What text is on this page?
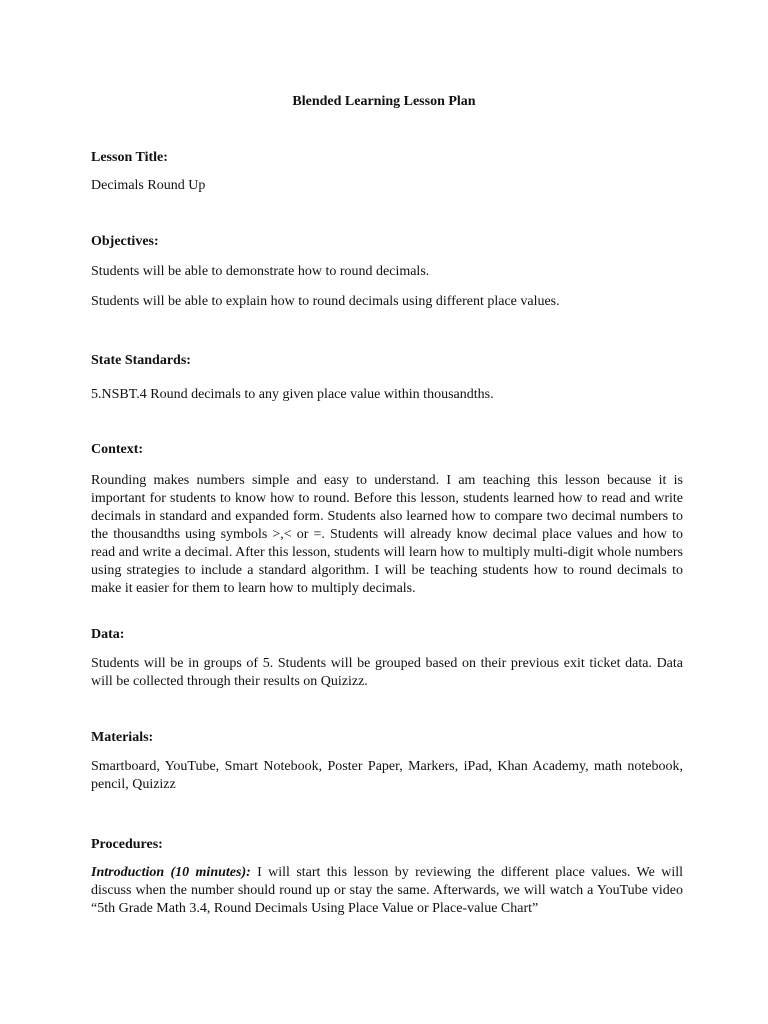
Blended Learning Lesson Plan
Lesson Title:
Decimals Round Up
Objectives:
Students will be able to demonstrate how to round decimals.
Students will be able to explain how to round decimals using different place values.
State Standards:
5.NSBT.4 Round decimals to any given place value within thousandths.
Context:
Rounding makes numbers simple and easy to understand. I am teaching this lesson because it is important for students to know how to round. Before this lesson, students learned how to read and write decimals in standard and expanded form. Students also learned how to compare two decimal numbers to the thousandths using symbols >,< or =. Students will already know decimal place values and how to read and write a decimal. After this lesson, students will learn how to multiply multi-digit whole numbers using strategies to include a standard algorithm. I will be teaching students how to round decimals to make it easier for them to learn how to multiply decimals.
Data:
Students will be in groups of 5. Students will be grouped based on their previous exit ticket data. Data will be collected through their results on Quizizz.
Materials:
Smartboard, YouTube, Smart Notebook, Poster Paper, Markers, iPad, Khan Academy, math notebook, pencil, Quizizz
Procedures:
Introduction (10 minutes): I will start this lesson by reviewing the different place values. We will discuss when the number should round up or stay the same. Afterwards, we will watch a YouTube video “5th Grade Math 3.4, Round Decimals Using Place Value or Place-value Chart”
